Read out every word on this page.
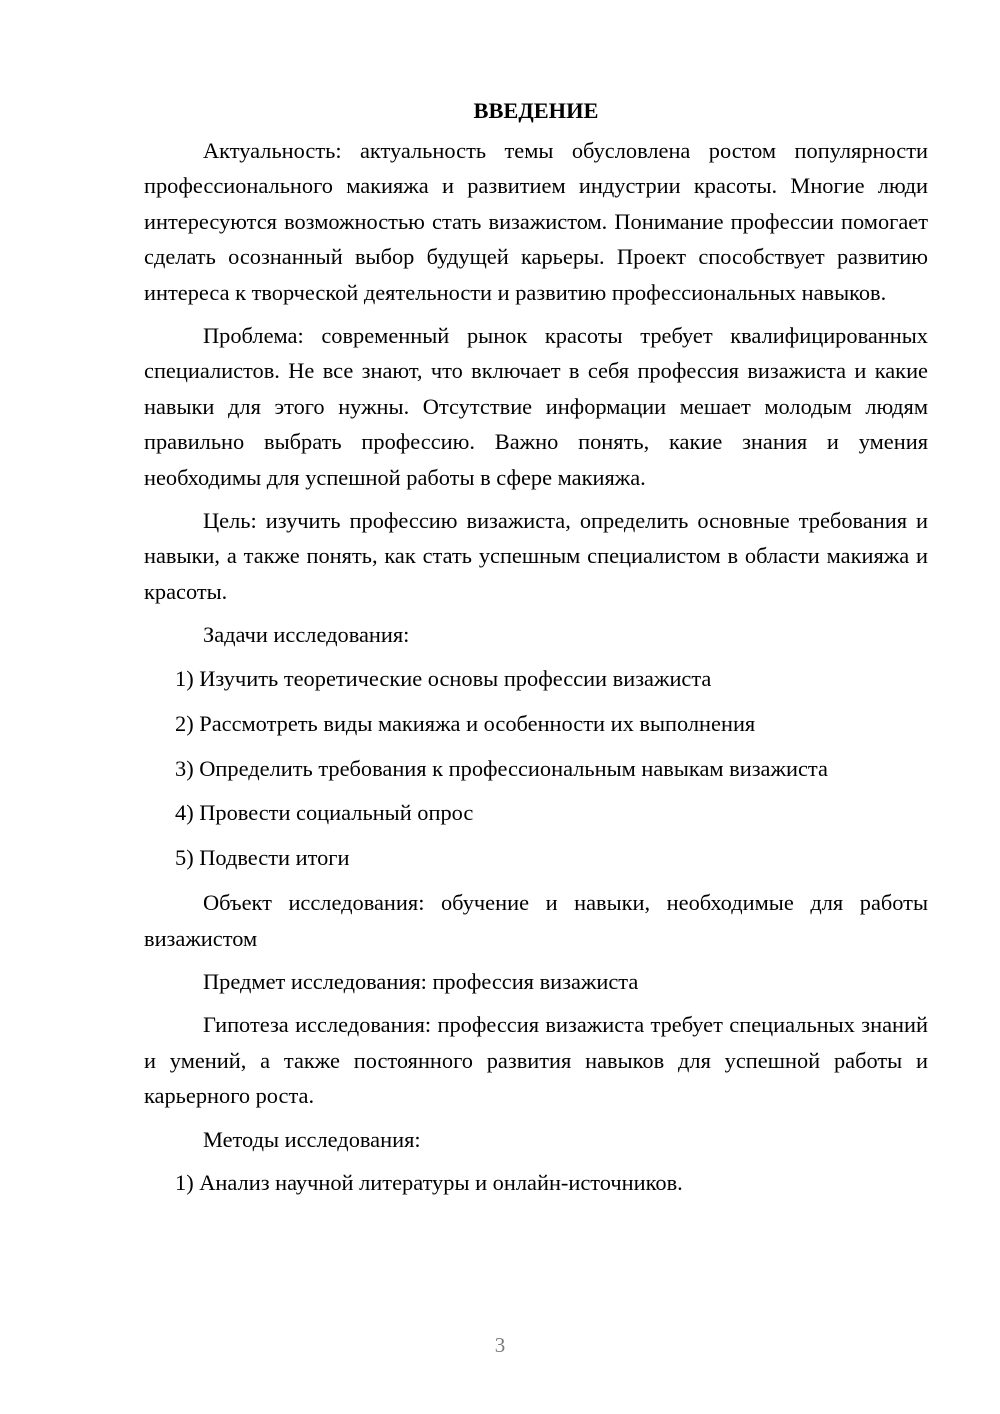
ВВЕДЕНИЕ

Актуальность: актуальность темы обусловлена ростом популярности профессионального макияжа и развитием индустрии красоты. Многие люди интересуются возможностью стать визажистом. Понимание профессии помогает сделать осознанный выбор будущей карьеры. Проект способствует развитию интереса к творческой деятельности и развитию профессиональных навыков.

Проблема: современный рынок красоты требует квалифицированных специалистов. Не все знают, что включает в себя профессия визажиста и какие навыки для этого нужны. Отсутствие информации мешает молодым людям правильно выбрать профессию. Важно понять, какие знания и умения необходимы для успешной работы в сфере макияжа.

Цель: изучить профессию визажиста, определить основные требования и навыки, а также понять, как стать успешным специалистом в области макияжа и красоты.

Задачи исследования:

1) Изучить теоретические основы профессии визажиста
2) Рассмотреть виды макияжа и особенности их выполнения
3) Определить требования к профессиональным навыкам визажиста
4) Провести социальный опрос
5) Подвести итоги

Объект исследования: обучение и навыки, необходимые для работы визажистом

Предмет исследования: профессия визажиста

Гипотеза исследования: профессия визажиста требует специальных знаний и умений, а также постоянного развития навыков для успешной работы и карьерного роста.

Методы исследования:

1) Анализ научной литературы и онлайн-источников.
3
